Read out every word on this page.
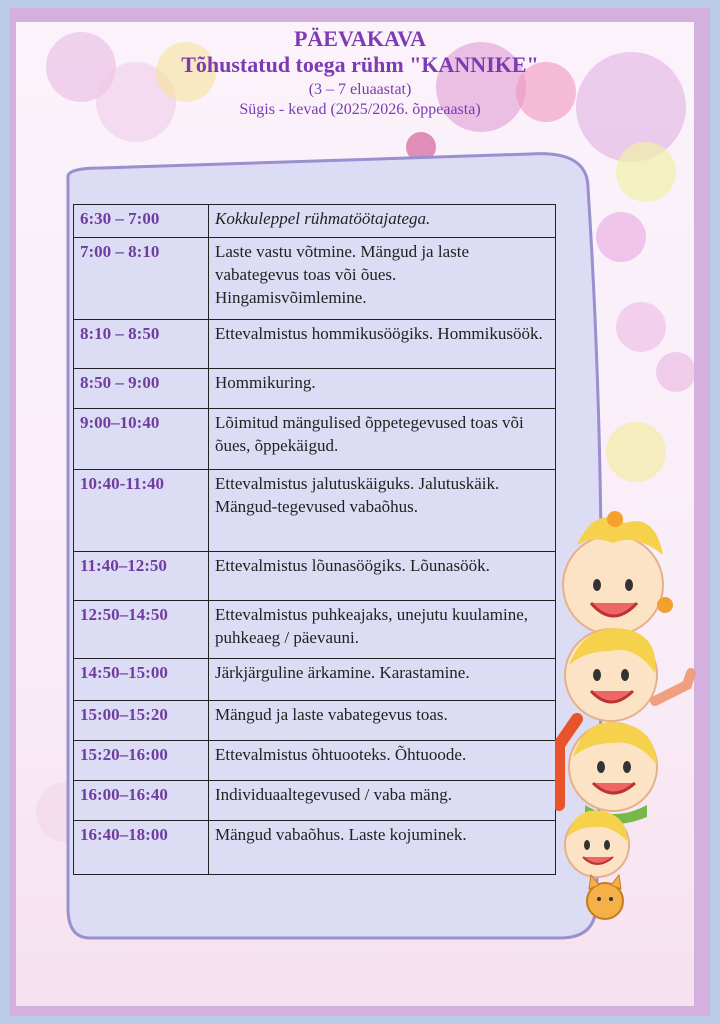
PÄEVAKAVA
Tõhustatud toega rühm "KANNIKE"
(3 – 7 eluaastat)
Sügis - kevad (2025/2026. õppeaasta)
6:30 – 7:00	Kokkuleppel rühmatöötajatega.
7:00 – 8:10	Laste vastu võtmine. Mängud ja laste vabategevus toas või õues. Hingamisvõimlemine.
8:10 – 8:50	Ettevalmistus hommikusöögiks. Hommikusöök.
8:50 – 9:00	Hommikuring.
9:00–10:40	Lõimitud mängulised õppetegevused toas või õues, õppekäigud.
10:40-11:40	Ettevalmistus jalutuskäiguks. Jalutuskäik. Mängud-tegevused vabaõhus.
11:40–12:50	Ettevalmistus lõunasöögiks. Lõunasöök.
12:50–14:50	Ettevalmistus puhkeajaks, unejutu kuulamine, puhkeaeg / päevauni.
14:50–15:00	Järkjärguline ärkamine. Karastamine.
15:00–15:20	Mängud ja laste vabategevus toas.
15:20–16:00	Ettevalmistus õhtuooteks. Õhtuoode.
16:00–16:40	Individuaaltegevused / vaba mäng.
16:40–18:00	Mängud vabaõhus. Laste kojuminek.
